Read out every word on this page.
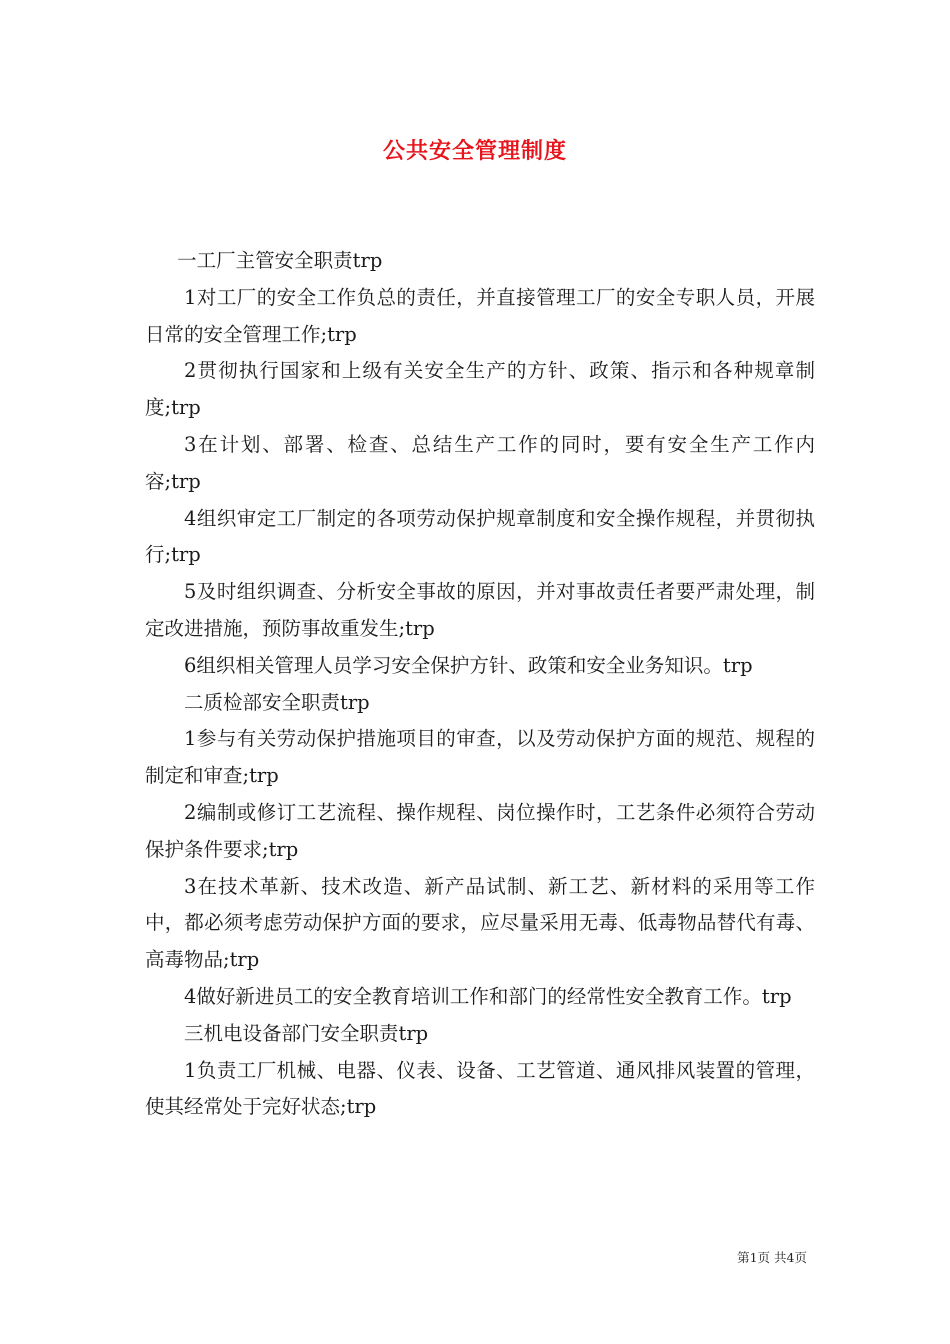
公共安全管理制度

一工厂主管安全职责trp

1对工厂的安全工作负总的责任，并直接管理工厂的安全专职人员，开展日常的安全管理工作;trp

2贯彻执行国家和上级有关安全生产的方针、政策、指示和各种规章制度;trp

3在计划、部署、检查、总结生产工作的同时，要有安全生产工作内容;trp

4组织审定工厂制定的各项劳动保护规章制度和安全操作规程，并贯彻执行;trp

5及时组织调查、分析安全事故的原因，并对事故责任者要严肃处理，制定改进措施，预防事故重发生;trp

6组织相关管理人员学习安全保护方针、政策和安全业务知识。trp

二质检部安全职责trp

1参与有关劳动保护措施项目的审查，以及劳动保护方面的规范、规程的制定和审查;trp

2编制或修订工艺流程、操作规程、岗位操作时，工艺条件必须符合劳动保护条件要求;trp

3在技术革新、技术改造、新产品试制、新工艺、新材料的采用等工作中，都必须考虑劳动保护方面的要求，应尽量采用无毒、低毒物品替代有毒、高毒物品;trp

4做好新进员工的安全教育培训工作和部门的经常性安全教育工作。trp

三机电设备部门安全职责trp

1负责工厂机械、电器、仪表、设备、工艺管道、通风排风装置的管理，使其经常处于完好状态;trp

第1页 共4页
